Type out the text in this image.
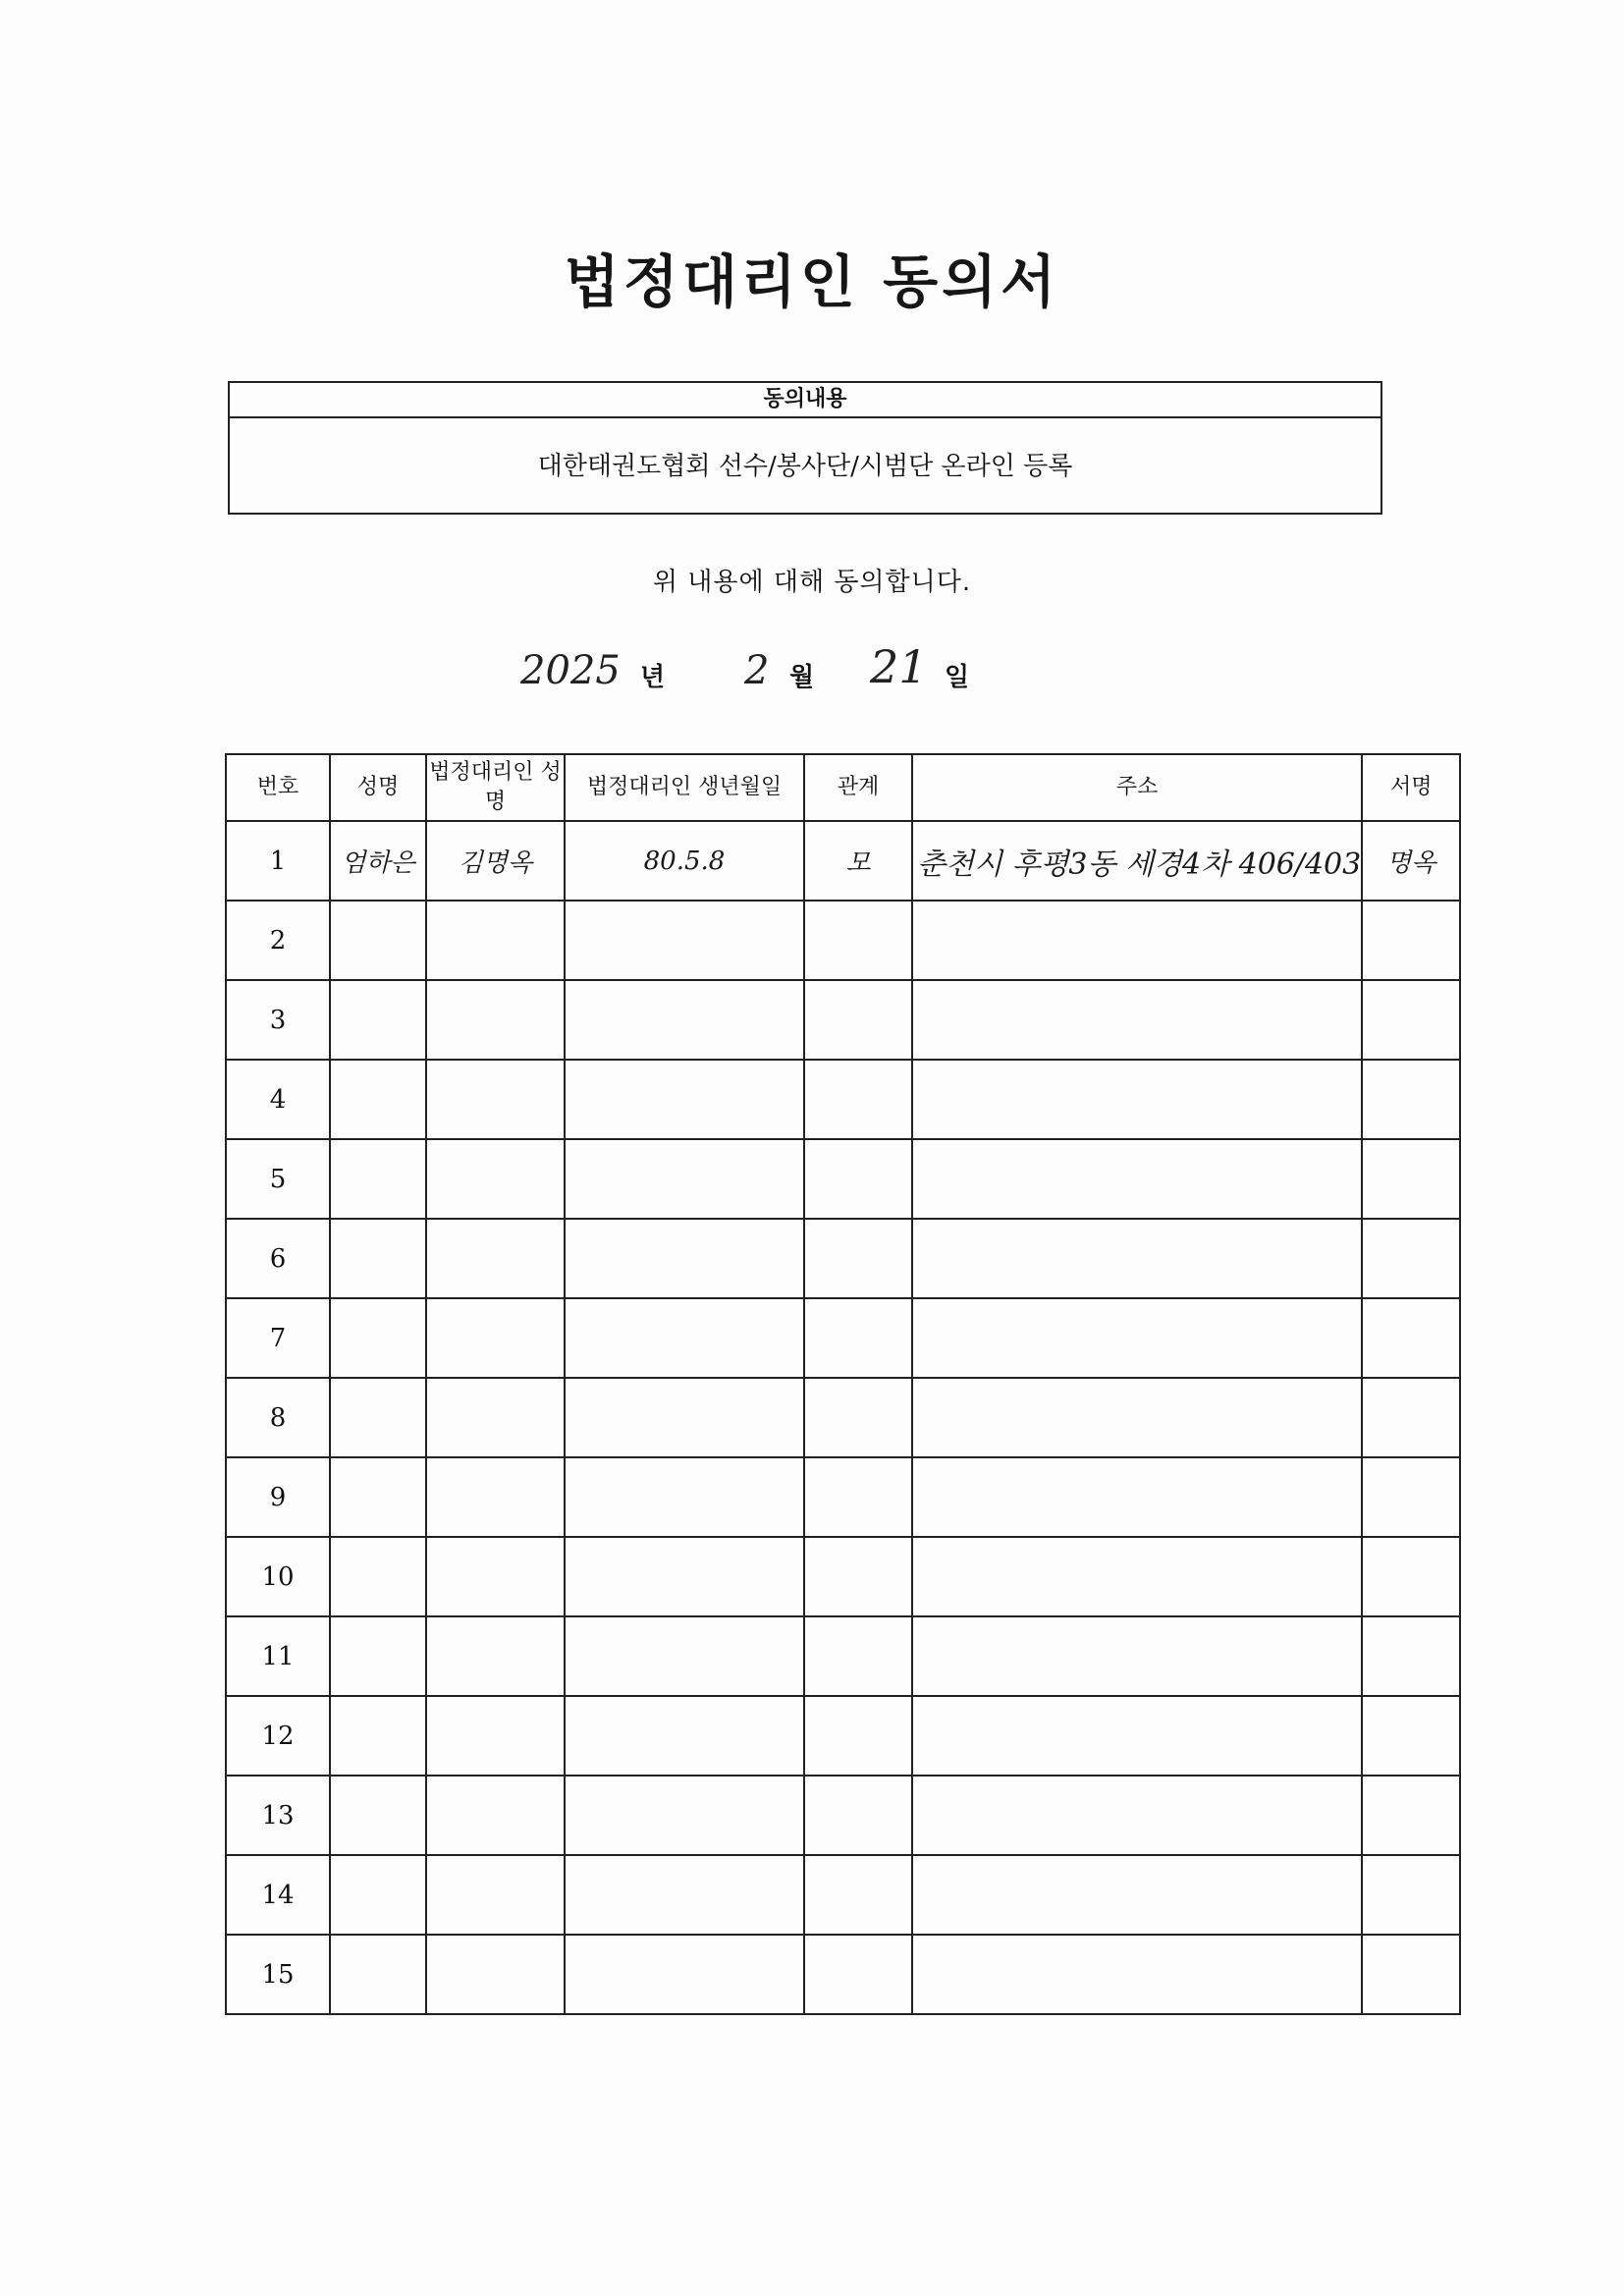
법정대리인 동의서
동의내용
대한태권도협회 선수/봉사단/시범단 온라인 등록
위 내용에 대해 동의합니다.
2025 년 2 월 21 일
번호	성명	법정대리인 성명	법정대리인 생년월일	관계	주소	서명
1	엄하은	김명옥	80.5.8	모	춘천시 후평3동 세경4차 406/403	명옥
2						
3						
4						
5						
6						
7						
8						
9						
10						
11						
12						
13						
14						
15						
